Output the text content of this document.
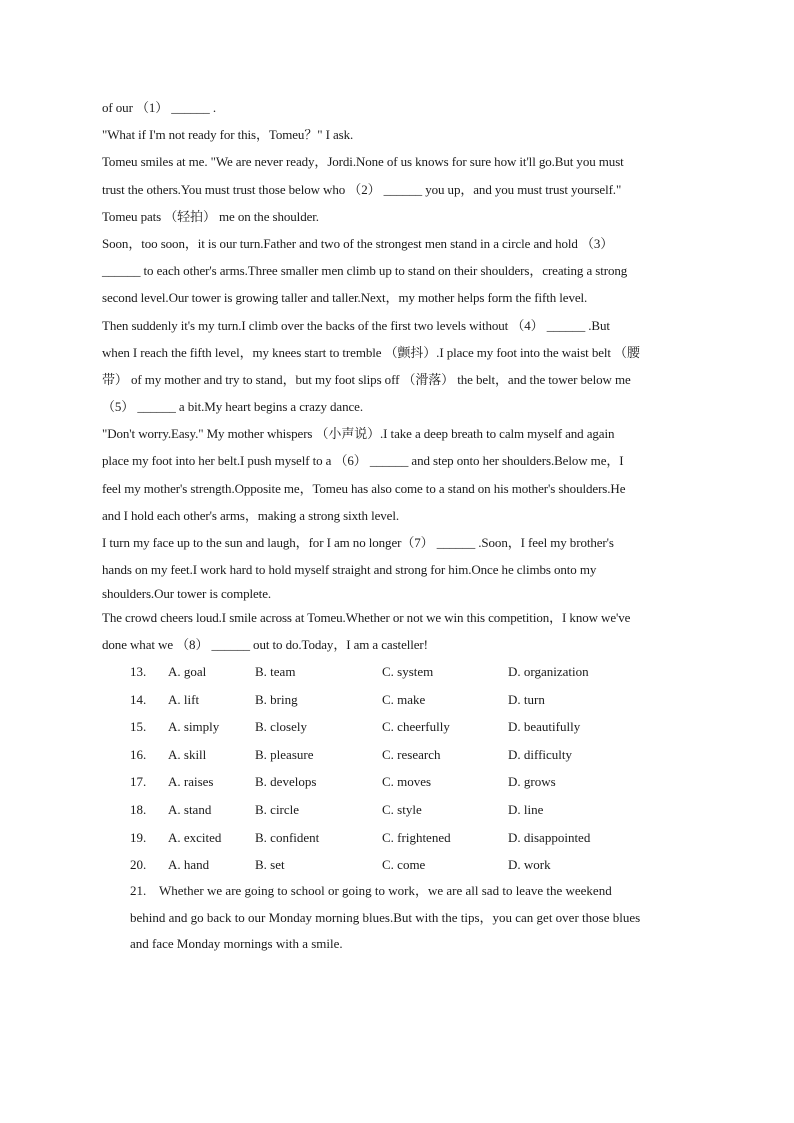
of our （1） ______ .
"What if I'm not ready for this，Tomeu？" I ask.
Tomeu smiles at me. "We are never ready，Jordi.None of us knows for sure how it'll go.But you must
trust the others.You must trust those below who （2） ______ you up，and you must trust yourself."
Tomeu pats （轻拍） me on the shoulder.
Soon，too soon，it is our turn.Father and two of the strongest men stand in a circle and hold （3）
______ to each other's arms.Three smaller men climb up to stand on their shoulders，creating a strong
second level.Our tower is growing taller and taller.Next，my mother helps form the fifth level.
Then suddenly it's my turn.I climb over the backs of the first two levels without （4） ______ .But
when I reach the fifth level，my knees start to tremble （颤抖）.I place my foot into the waist belt （腰
带） of my mother and try to stand，but my foot slips off （滑落） the belt，and the tower below me
（5） ______ a bit.My heart begins a crazy dance.
"Don't worry.Easy." My mother whispers （小声说）.I take a deep breath to calm myself and again
place my foot into her belt.I push myself to a （6） ______ and step onto her shoulders.Below me，I
feel my mother's strength.Opposite me，Tomeu has also come to a stand on his mother's shoulders.He
and I hold each other's arms，making a strong sixth level.
I turn my face up to the sun and laugh，for I am no longer（7） ______ .Soon，I feel my brother's
hands on my feet.I work hard to hold myself straight and strong for him.Once he climbs onto my
shoulders.Our tower is complete.
The crowd cheers loud.I smile across at Tomeu.Whether or not we win this competition，I know we've
done what we （8） ______ out to do.Today，I am a casteller!
13. A. goal	B. team	C. system	D. organization
14. A. lift	B. bring	C. make	D. turn
15. A. simply	B. closely	C. cheerfully	D. beautifully
16. A. skill	B. pleasure	C. research	D. difficulty
17. A. raises	B. develops	C. moves	D. grows
18. A. stand	B. circle	C. style	D. line
19. A. excited	B. confident	C. frightened	D. disappointed
20. A. hand	B. set	C. come	D. work
21.    Whether we are going to school or going to work，we are all sad to leave the weekend
behind and go back to our Monday morning blues.But with the tips，you can get over those blues
and face Monday mornings with a smile.
